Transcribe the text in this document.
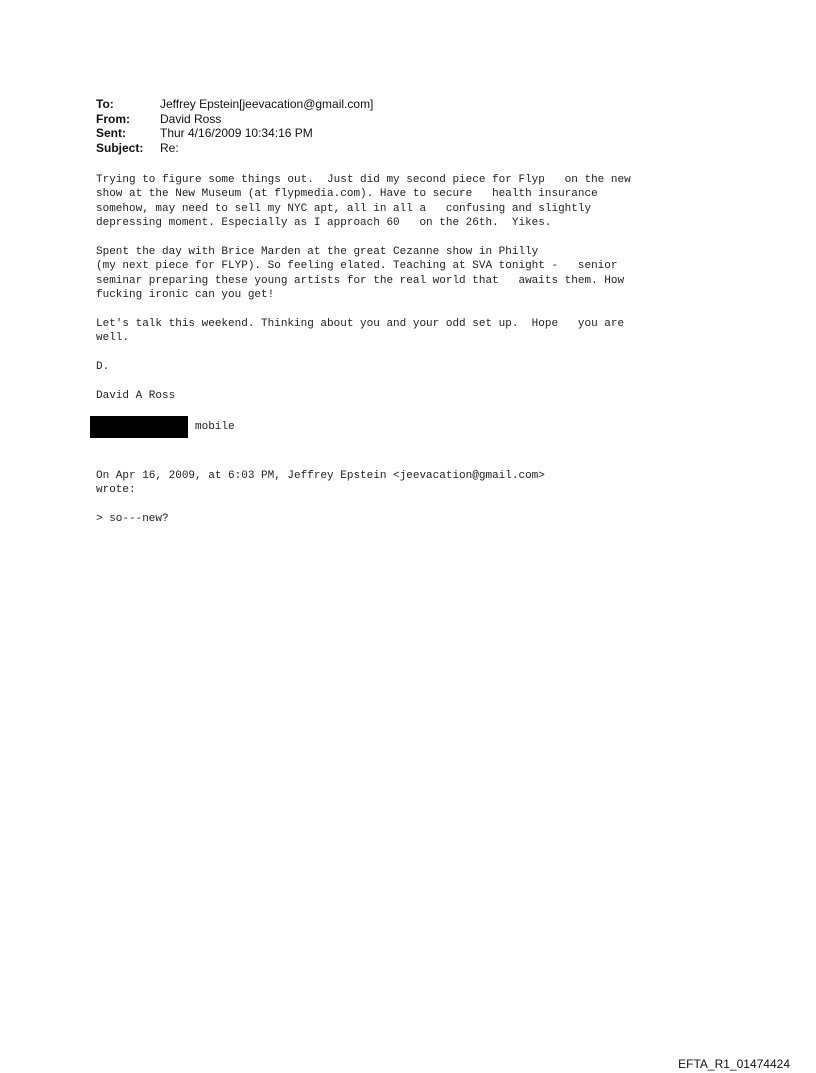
To:	Jeffrey Epstein[jeevacation@gmail.com]
From:	David Ross
Sent:	Thur 4/16/2009 10:34:16 PM
Subject:	Re:

Trying to figure some things out.  Just did my second piece for Flyp   on the new

show at the New Museum (at flypmedia.com). Have to secure   health insurance

somehow, may need to sell my NYC apt, all in all a   confusing and slightly

depressing moment. Especially as I approach 60   on the 26th.  Yikes.

Spent the day with Brice Marden at the great Cezanne show in Philly

(my next piece for FLYP). So feeling elated. Teaching at SVA tonight -   senior

seminar preparing these young artists for the real world that   awaits them. How

fucking ironic can you get!

Let's talk this weekend. Thinking about you and your odd set up.  Hope   you are

well.

D.

David A Ross

mobile

On Apr 16, 2009, at 6:03 PM, Jeffrey Epstein <jeevacation@gmail.com>

wrote:

> so---new?

EFTA_R1_01474424
